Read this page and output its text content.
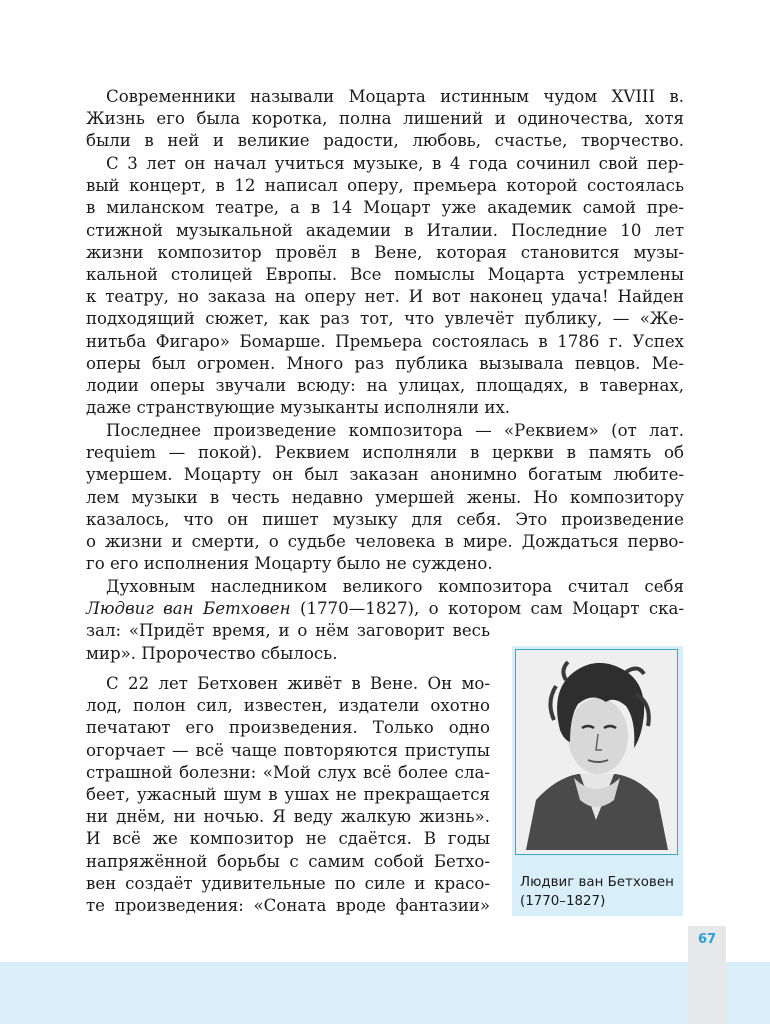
Современники называли Моцарта истинным чудом XVIII в.
Жизнь его была коротка, полна лишений и одиночества, хотя
были в ней и великие радости, любовь, счастье, творчество.
С 3 лет он начал учиться музыке, в 4 года сочинил свой пер-
вый концерт, в 12 написал оперу, премьера которой состоялась
в миланском театре, а в 14 Моцарт уже академик самой пре-
стижной музыкальной академии в Италии. Последние 10 лет
жизни композитор провёл в Вене, которая становится музы-
кальной столицей Европы. Все помыслы Моцарта устремлены
к театру, но заказа на оперу нет. И вот наконец удача! Найден
подходящий сюжет, как раз тот, что увлечёт публику, — «Же-
нитьба Фигаро» Бомарше. Премьера состоялась в 1786 г. Успех
оперы был огромен. Много раз публика вызывала певцов. Ме-
лодии оперы звучали всюду: на улицах, площадях, в тавернах,
даже странствующие музыканты исполняли их.
Последнее произведение композитора — «Реквием» (от лат.
requiem — покой). Реквием исполняли в церкви в память об
умершем. Моцарту он был заказан анонимно богатым любите-
лем музыки в честь недавно умершей жены. Но композитору
казалось, что он пишет музыку для себя. Это произведение
о жизни и смерти, о судьбе человека в мире. Дождаться перво-
го его исполнения Моцарту было не суждено.
Духовным наследником великого композитора считал себя
Людвиг ван Бетховен (1770—1827), о котором сам Моцарт ска-
зал: «Придёт время, и о нём заговорит весь
мир». Пророчество сбылось.
С 22 лет Бетховен живёт в Вене. Он мо-
лод, полон сил, известен, издатели охотно
печатают его произведения. Только одно
огорчает — всё чаще повторяются приступы
страшной болезни: «Мой слух всё более сла-
беет, ужасный шум в ушах не прекращается
ни днём, ни ночью. Я веду жалкую жизнь».
И всё же композитор не сдаётся. В годы
напряжённой борьбы с самим собой Бетхо-
вен создаёт удивительные по силе и красо-
те произведения: «Соната вроде фантазии»
Людвиг ван Бетховен
(1770–1827)
67
